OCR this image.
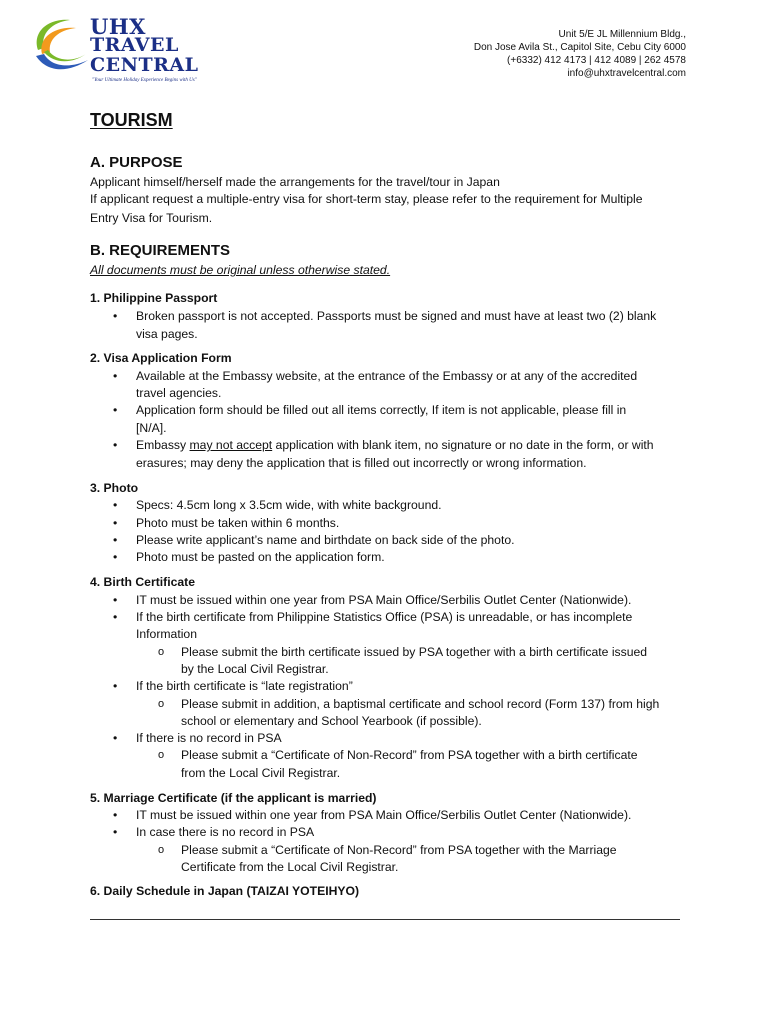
UHX
TRAVEL
CENTRAL
"Your Ultimate Holiday Experience Begins with Us"
Unit 5/E JL Millennium Bldg.,
Don Jose Avila St., Capitol Site, Cebu City 6000
(+6332) 412 4173 | 412 4089 | 262 4578
info@uhxtravelcentral.com
TOURISM
A. PURPOSE
Applicant himself/herself made the arrangements for the travel/tour in Japan
If applicant request a multiple-entry visa for short-term stay, please refer to the requirement for Multiple
Entry Visa for Tourism.
B. REQUIREMENTS
All documents must be original unless otherwise stated.
1. Philippine Passport
• Broken passport is not accepted. Passports must be signed and must have at least two (2) blank
visa pages.
2. Visa Application Form
• Available at the Embassy website, at the entrance of the Embassy or at any of the accredited
travel agencies.
• Application form should be filled out all items correctly, If item is not applicable, please fill in
[N/A].
• Embassy may not accept application with blank item, no signature or no date in the form, or with
erasures; may deny the application that is filled out incorrectly or wrong information.
3. Photo
• Specs: 4.5cm long x 3.5cm wide, with white background.
• Photo must be taken within 6 months.
• Please write applicant’s name and birthdate on back side of the photo.
• Photo must be pasted on the application form.
4. Birth Certificate
• IT must be issued within one year from PSA Main Office/Serbilis Outlet Center (Nationwide).
• If the birth certificate from Philippine Statistics Office (PSA) is unreadable, or has incomplete
Information
o Please submit the birth certificate issued by PSA together with a birth certificate issued
by the Local Civil Registrar.
• If the birth certificate is “late registration”
o Please submit in addition, a baptismal certificate and school record (Form 137) from high
school or elementary and School Yearbook (if possible).
• If there is no record in PSA
o Please submit a “Certificate of Non-Record” from PSA together with a birth certificate
from the Local Civil Registrar.
5. Marriage Certificate (if the applicant is married)
• IT must be issued within one year from PSA Main Office/Serbilis Outlet Center (Nationwide).
• In case there is no record in PSA
o Please submit a “Certificate of Non-Record” from PSA together with the Marriage
Certificate from the Local Civil Registrar.
6. Daily Schedule in Japan (TAIZAI YOTEIHYO)
